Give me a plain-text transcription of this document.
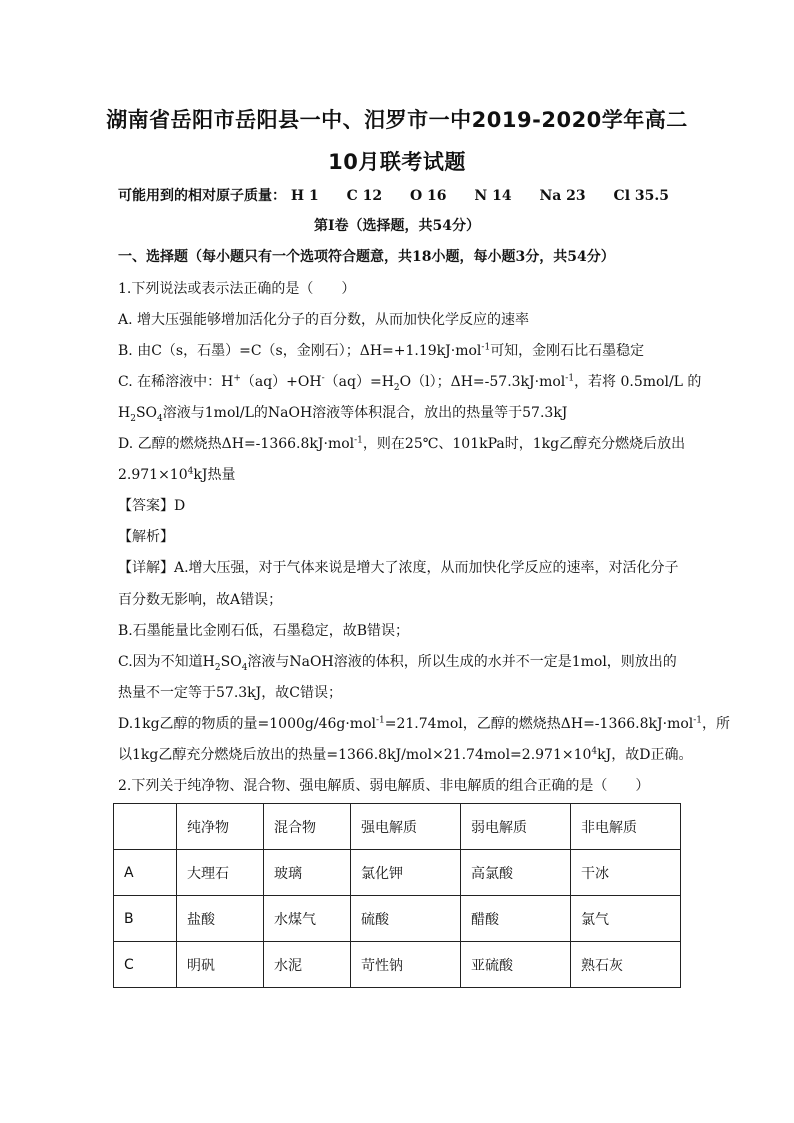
湖南省岳阳市岳阳县一中、汨罗市一中2019-2020学年高二
10月联考试题
可能用到的相对原子质量： H 1 C 12 O 16 N 14 Na 23 Cl 35.5
第Ⅰ卷（选择题，共54分）
一、选择题（每小题只有一个选项符合题意，共18小题，每小题3分，共54分）
1.下列说法或表示法正确的是（　　）
A. 增大压强能够增加活化分子的百分数，从而加快化学反应的速率
B. 由C（s，石墨）=C（s，金刚石）；ΔH=+1.19kJ·mol$^{-1}$可知，金刚石比石墨稳定
C. 在稀溶液中：$H^+(aq)+OH^-(aq)=H_2O(l)$；ΔH=-57.3kJ·mol$^{-1}$，若将 0.5mol/L 的
$H_2SO_4$溶液与1mol/L的NaOH溶液等体积混合，放出的热量等于57.3kJ
D. 乙醇的燃烧热ΔH=-1366.8kJ·mol$^{-1}$，则在25℃、101kPa时，1kg乙醇充分燃烧后放出
$2.971\times 10^4kJ$热量
【答案】D
【解析】
【详解】A.增大压强，对于气体来说是增大了浓度，从而加快化学反应的速率，对活化分子
百分数无影响，故A错误；
B.石墨能量比金刚石低，石墨稳定，故B错误；
C.因为不知道$H_2SO_4$溶液与NaOH溶液的体积，所以生成的水并不一定是1mol，则放出的
热量不一定等于57.3kJ，故C错误；
D.1kg乙醇的物质的量=1000g/46g·mol$^{-1}$=21.74mol，乙醇的燃烧热ΔH=-1366.8kJ·mol$^{-1}$，所
以1kg乙醇充分燃烧后放出的热量$=1366.8kJ/mol\times 21.74mol=2.971\times 10^4kJ$，故D正确。
2.下列关于纯净物、混合物、强电解质、弱电解质、非电解质的组合正确的是（　　）
	纯净物	混合物	强电解质	弱电解质	非电解质
A	大理石	玻璃	氯化钾	高氯酸	干冰
B	盐酸	水煤气	硫酸	醋酸	氯气
C	明矾	水泥	苛性钠	亚硫酸	熟石灰
